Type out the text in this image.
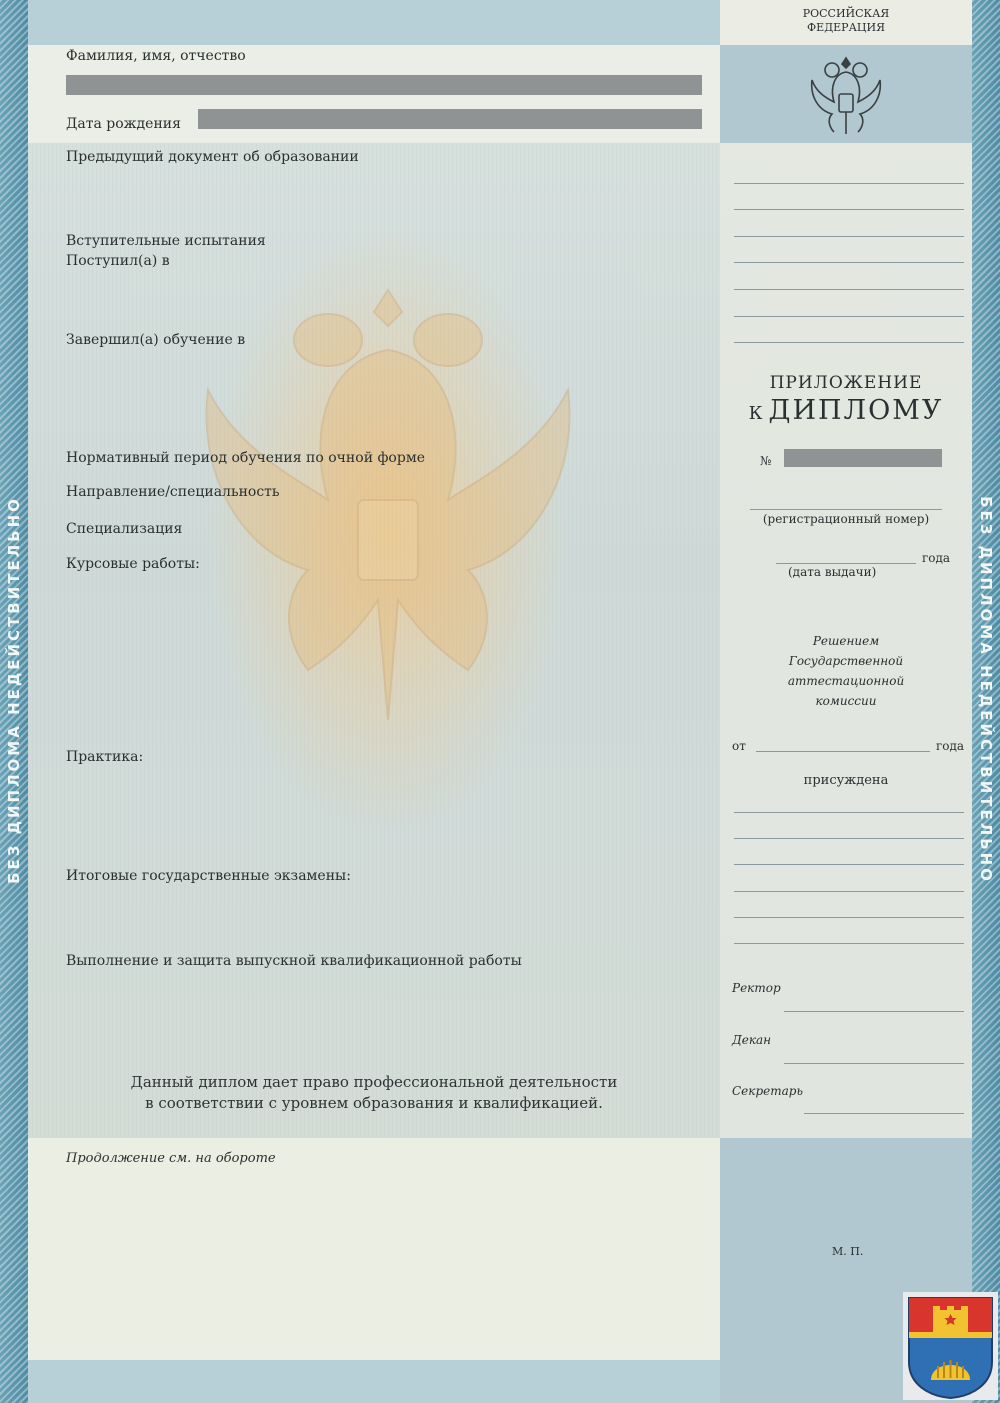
БЕЗ ДИПЛОМА НЕДЕЙСТВИТЕЛЬНО
Фамилия, имя, отчество
Дата рождения
Предыдущий документ об образовании
Вступительные испытания
Поступил(а) в
Завершил(а) обучение в
Нормативный период обучения по очной форме
Направление/специальность
Специализация
Курсовые работы:
Практика:
Итоговые государственные экзамены:
Выполнение и защита выпускной квалификационной работы
Данный диплом дает право профессиональной деятельности
в соответствии с уровнем образования и квалификацией.
Продолжение см. на обороте
РОССИЙСКАЯ
ФЕДЕРАЦИЯ
ПРИЛОЖЕНИЕ
К ДИПЛОМУ
№
(регистрационный номер)
года
(дата выдачи)
Решением
Государственной
аттестационной
комиссии
от	года
присуждена
Ректор
Декан
Секретарь
М. П.
БЕЗ ДИПЛОМА НЕДЕЙСТВИТЕЛЬНО
